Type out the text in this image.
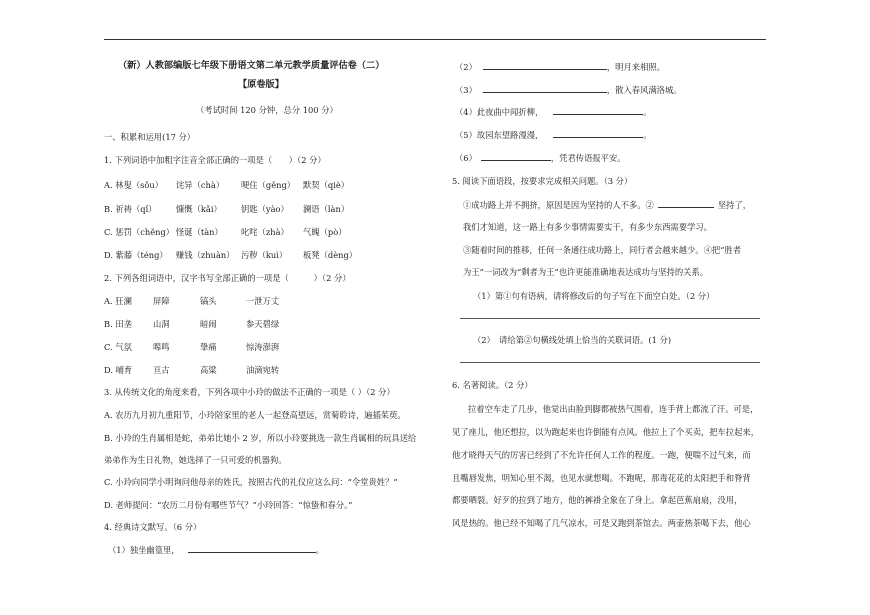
（新）人教部编版七年级下册语文第二单元教学质量评估卷（二）
【原卷版】
（考试时间 120 分钟，总分 100 分）
一、积累和运用(17 分）
1. 下列词语中加粗字注音全部正确的一项是（　　）（2 分）
A. 林叟（sǒu） 诧异（chà） 哽住（gěng） 默契（qiè）
B. 祈祷（qǐ） 慷慨（kǎi） 钥匙（yào） 澜语（làn）
C. 惩罚（chěng） 怪诞（tàn） 叱咤（zhà） 气魄（pò）
D. 紫藤（téng） 赚钱（zhuàn） 污秽（kuì） 板凳（dèng）
2. 下列各组词语中，汉字书写全部正确的一项是（　　　）（2 分）
A. 狂澜	屏障	镐头	一泄万丈
B. 田垄	山洞	暗闹	参天碧绿
C. 气氛	嗥鸣	挚痛	惊涛澎湃
D. 哺育	亘古	高粱	油滴宛转
3. 从传统文化的角度来看，下列各项中小玲的做法不正确的一项是（ ）（2 分）
A. 农历九月初九重阳节，小玲陪家里的老人一起登高望远，赏菊聆诗，遍插茱萸。
B. 小玲的生肖属相是蛇，弟弟比她小 2 岁，所以小玲要挑选一款生肖属相的玩具送给
弟弟作为生日礼物，她选择了一只可爱的机器狗。
C. 小玲向同学小明询问他母亲的姓氏，按照古代的礼仪应这么问：“令堂贵姓？”
D. 老师提问：“农历二月份有哪些节气？”小玲回答：“惊蛰和春分。”
4. 经典诗文默写。（6 分）
（1）独坐幽篁里，	。
（2）	，明月来相照。
（3）	，散入春风满洛城。
（4）此夜曲中闻折柳，	。
（5）故园东望路漫漫，	。
（6）	，凭君传语报平安。
5. 阅读下面语段，按要求完成相关问题。（3 分）
①成功路上并不拥挤，原因是因为坚持的人不多。②	坚持了，
我们才知道，这一路上有多少事情需要实干，有多少东西需要学习。
③随着时间的推移，任何一条通往成功路上，同行者会越来越少。④把“胜者
为王”一词改为“剩者为王”也许更能准确地表达成功与坚持的关系。
（1）第①句有语病，请将修改后的句子写在下面空白处。（2 分）
（2）　请给第②句横线处填上恰当的关联词语。(1 分)
6. 名著阅读。（2 分）
拉着空车走了几步，他觉出由脸到脚都被热气围着，连手背上都流了汗。可是，
见了座儿，他还想拉，以为跑起来也许倒能有点风。他拉上了个买卖，把车拉起来，
他才晓得天气的厉害已经到了不允许任何人工作的程度。一跑，便喘不过气来，而
且嘴唇发焦，明知心里不渴，也见水就想喝。不跑呢，那毒花花的太阳把手和脊背
都要晒裂。好歹的拉到了地方，他的裤褂全象在了身上。拿起芭蕉扇扇，没用，
风是热的。他已经不知喝了几气凉水，可是又跑到茶馆去。两壶热茶喝下去，他心
